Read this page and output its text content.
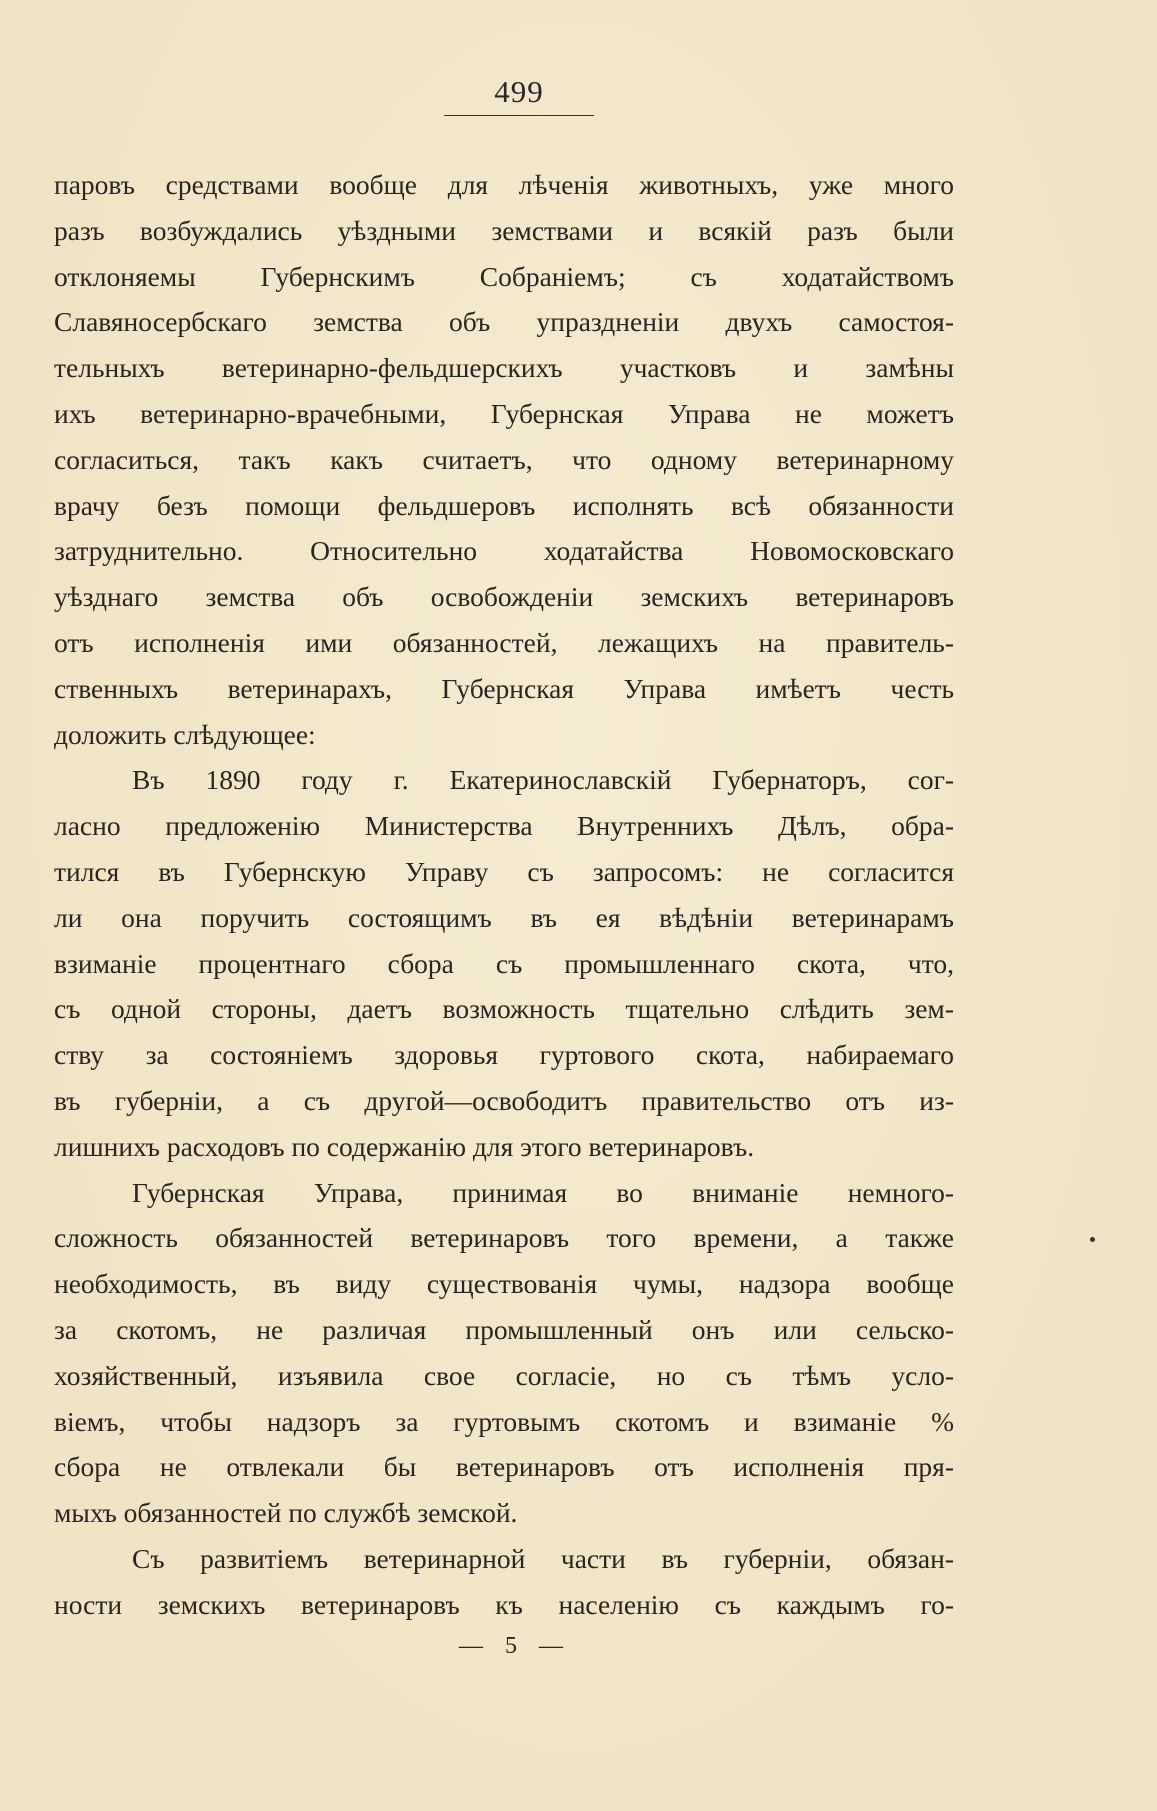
499
паровъ средствами вообще для лѣченія животныхъ, уже много
разъ возбуждались уѣздными земствами и всякій разъ были
отклоняемы Губернскимъ Собраніемъ; съ ходатайствомъ
Славяносербскаго земства объ упраздненіи двухъ самостоя-
тельныхъ ветеринарно-фельдшерскихъ участковъ и замѣны
ихъ ветеринарно-врачебными, Губернская Управа не можетъ
согласиться, такъ какъ считаетъ, что одному ветеринарному
врачу безъ помощи фельдшеровъ исполнять всѣ обязанности
затруднительно. Относительно ходатайства Новомосковскаго
уѣзднаго земства объ освобожденіи земскихъ ветеринаровъ
отъ исполненія ими обязанностей, лежащихъ на правитель-
ственныхъ ветеринарахъ, Губернская Управа имѣетъ честь
доложить слѣдующее:
Въ 1890 году г. Екатеринославскій Губернаторъ, сог-
ласно предложенію Министерства Внутреннихъ Дѣлъ, обра-
тился въ Губернскую Управу съ запросомъ: не согласится
ли она поручить состоящимъ въ ея вѣдѣніи ветеринарамъ
взиманіе процентнаго сбора съ промышленнаго скота, что,
съ одной стороны, даетъ возможность тщательно слѣдить зем-
ству за состояніемъ здоровья гуртового скота, набираемаго
въ губерніи, а съ другой—освободитъ правительство отъ из-
лишнихъ расходовъ по содержанію для этого ветеринаровъ.
Губернская Управа, принимая во вниманіе немного-
сложность обязанностей ветеринаровъ того времени, а также
необходимость, въ виду существованія чумы, надзора вообще
за скотомъ, не различая промышленный онъ или сельско-
хозяйственный, изъявила свое согласіе, но съ тѣмъ усло-
віемъ, чтобы надзоръ за гуртовымъ скотомъ и взиманіе %
сбора не отвлекали бы ветеринаровъ отъ исполненія пря-
мыхъ обязанностей по службѣ земской.
Съ развитіемъ ветеринарной части въ губерніи, обязан-
ности земскихъ ветеринаровъ къ населенію съ каждымъ го-
— 5 —
